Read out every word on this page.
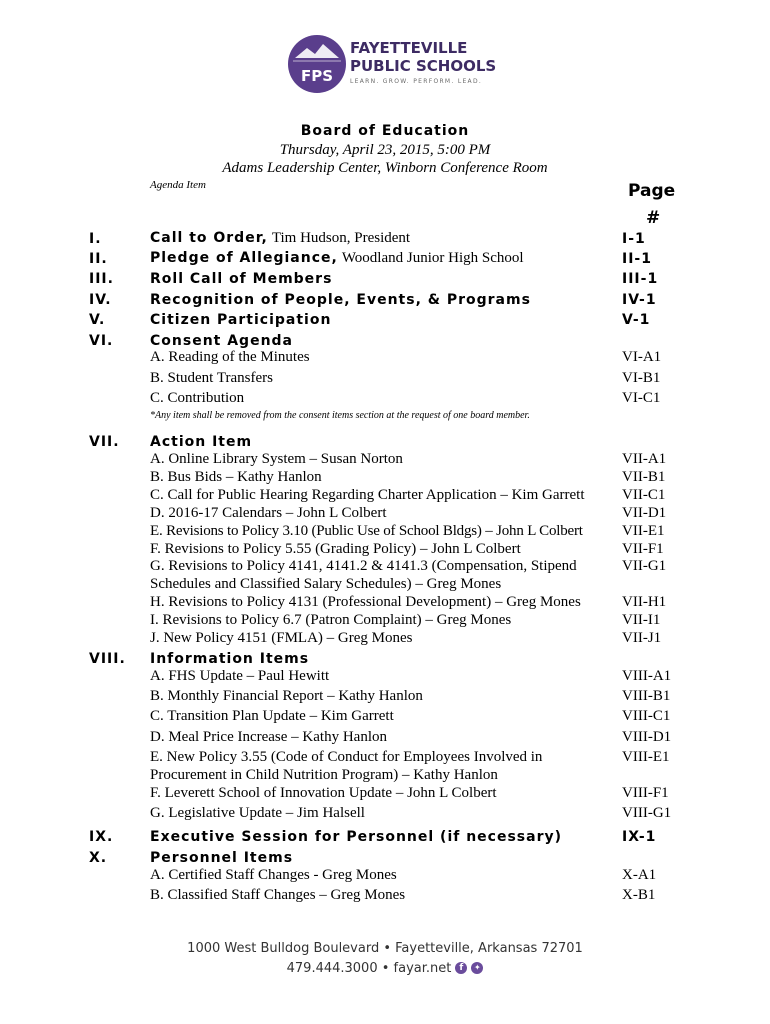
FPS
FAYETTEVILLE
PUBLIC SCHOOLS
LEARN. GROW. PERFORM. LEAD.
Board of Education
Thursday, April 23, 2015, 5:00 PM
Adams Leadership Center, Winborn Conference Room
Agenda Item	Page
#
I.	Call to Order, Tim Hudson, President	I-1
II.	Pledge of Allegiance, Woodland Junior High School	II-1
III.	Roll Call of Members	III-1
IV.	Recognition of People, Events, & Programs	IV-1
V.	Citizen Participation	V-1
VI.	Consent Agenda
A. Reading of the Minutes	VI-A1
B. Student Transfers	VI-B1
C. Contribution	VI-C1
*Any item shall be removed from the consent items section at the request of one board member.
VII. Action Item
A. Online Library System – Susan Norton	VII-A1
B. Bus Bids – Kathy Hanlon	VII-B1
C. Call for Public Hearing Regarding Charter Application – Kim Garrett	VII-C1
D. 2016-17 Calendars – John L Colbert	VII-D1
E. Revisions to Policy 3.10 (Public Use of School Bldgs) – John L Colbert	VII-E1
F. Revisions to Policy 5.55 (Grading Policy) – John L Colbert	VII-F1
G. Revisions to Policy 4141, 4141.2 & 4141.3 (Compensation, Stipend	VII-G1
Schedules and Classified Salary Schedules) – Greg Mones
H. Revisions to Policy 4131 (Professional Development) – Greg Mones	VII-H1
I. Revisions to Policy 6.7 (Patron Complaint) – Greg Mones	VII-I1
J. New Policy 4151 (FMLA) – Greg Mones	VII-J1
VIII. Information Items
A. FHS Update – Paul Hewitt	VIII-A1
B. Monthly Financial Report – Kathy Hanlon	VIII-B1
C. Transition Plan Update – Kim Garrett	VIII-C1
D. Meal Price Increase – Kathy Hanlon	VIII-D1
E. New Policy 3.55 (Code of Conduct for Employees Involved in	VIII-E1
Procurement in Child Nutrition Program) – Kathy Hanlon
F. Leverett School of Innovation Update – John L Colbert	VIII-F1
G. Legislative Update – Jim Halsell	VIII-G1
IX.	Executive Session for Personnel (if necessary)	IX-1
X.	Personnel Items
A. Certified Staff Changes - Greg Mones	X-A1
B. Classified Staff Changes – Greg Mones	X-B1
1000 West Bulldog Boulevard • Fayetteville, Arkansas 72701
479.444.3000 • fayar.net f ✦
